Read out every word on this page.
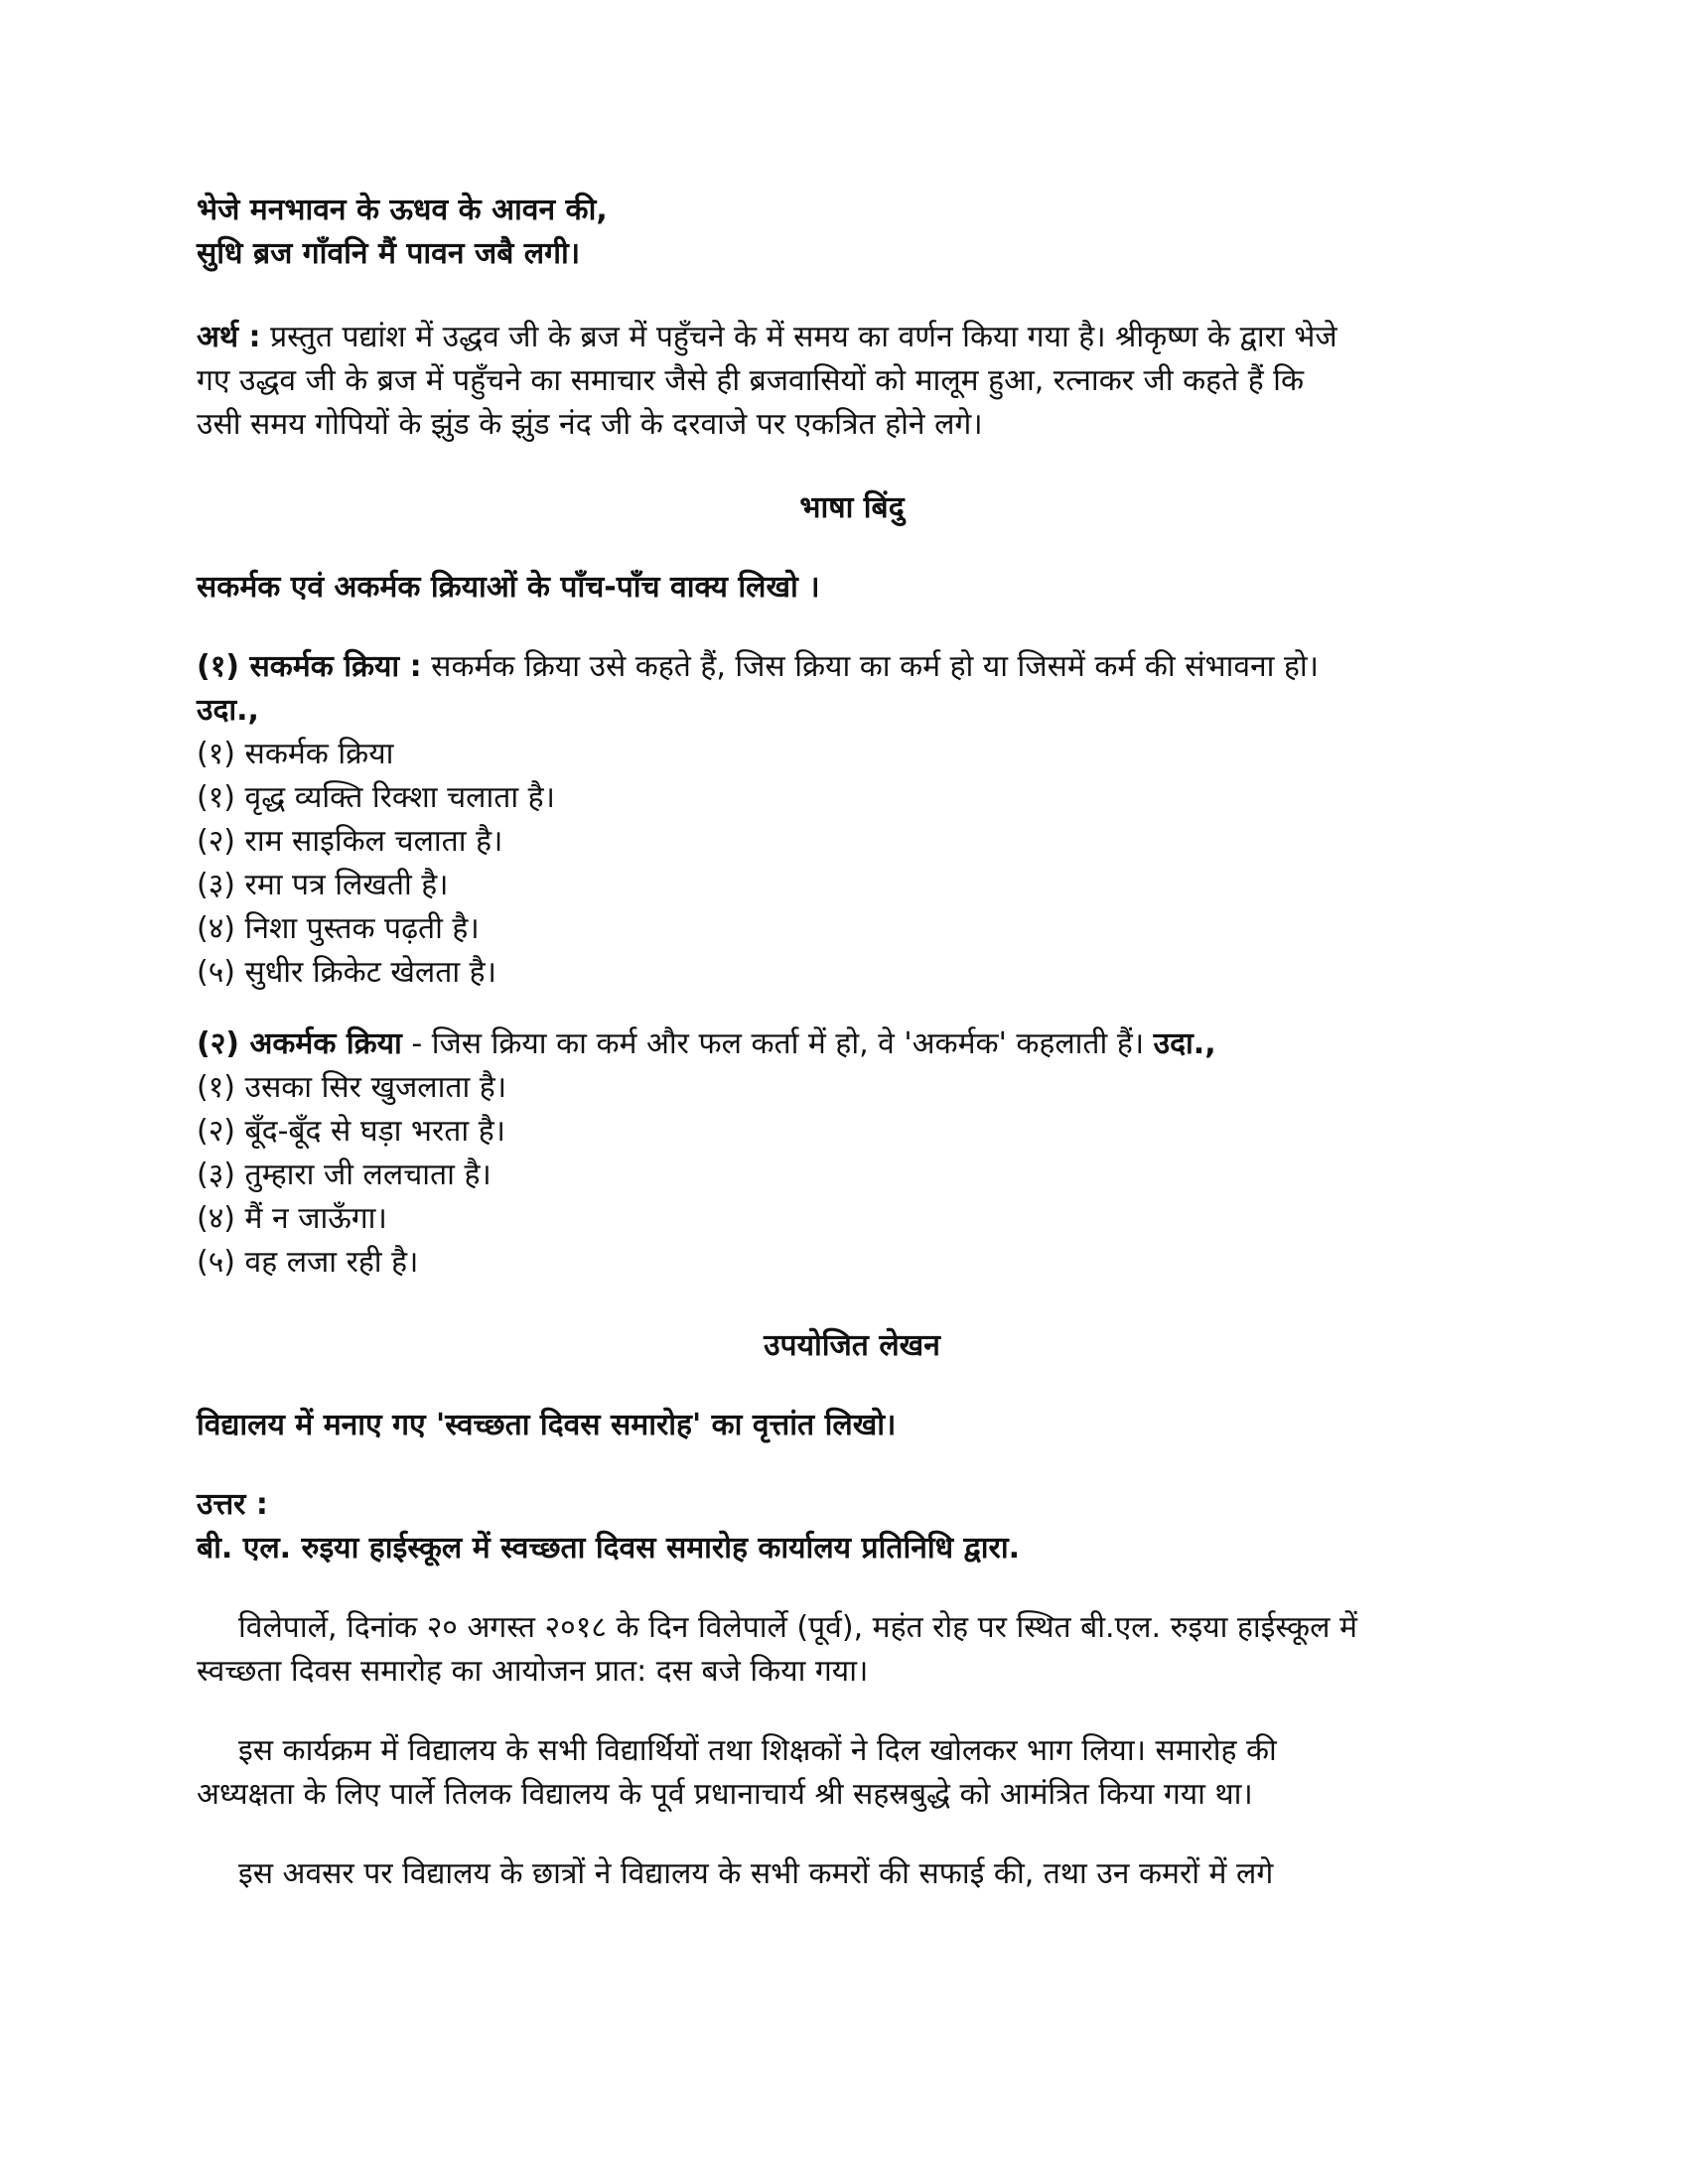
भेजे मनभावन के ऊधव के आवन की,

सुधि ब्रज गाँवनि मैं पावन जबै लगी।

अर्थ : प्रस्तुत पद्यांश में उद्धव जी के ब्रज में पहुँचने के में समय का वर्णन किया गया है। श्रीकृष्ण के द्वारा भेजे

गए उद्धव जी के ब्रज में पहुँचने का समाचार जैसे ही ब्रजवासियों को मालूम हुआ, रत्नाकर जी कहते हैं कि

उसी समय गोपियों के झुंड के झुंड नंद जी के दरवाजे पर एकत्रित होने लगे।

भाषा बिंदु

सकर्मक एवं अकर्मक क्रियाओं के पाँच-पाँच वाक्य लिखो ।

(१) सकर्मक क्रिया : सकर्मक क्रिया उसे कहते हैं, जिस क्रिया का कर्म हो या जिसमें कर्म की संभावना हो।

उदा.,

(१) सकर्मक क्रिया

(१) वृद्ध व्यक्ति रिक्शा चलाता है।

(२) राम साइकिल चलाता है।

(३) रमा पत्र लिखती है।

(४) निशा पुस्तक पढ़ती है।

(५) सुधीर क्रिकेट खेलता है।

(२) अकर्मक क्रिया - जिस क्रिया का कर्म और फल कर्ता में हो, वे 'अकर्मक' कहलाती हैं। उदा.,

(१) उसका सिर खुजलाता है।

(२) बूँद-बूँद से घड़ा भरता है।

(३) तुम्हारा जी ललचाता है।

(४) मैं न जाऊँगा।

(५) वह लजा रही है।

उपयोजित लेखन

विद्यालय में मनाए गए 'स्वच्छता दिवस समारोह' का वृत्तांत लिखो।

उत्तर :

बी. एल. रुइया हाईस्कूल में स्वच्छता दिवस समारोह कार्यालय प्रतिनिधि द्वारा.

विलेपार्ले, दिनांक २० अगस्त २०१८ के दिन विलेपार्ले (पूर्व), महंत रोह पर स्थित बी.एल. रुइया हाईस्कूल में

स्वच्छता दिवस समारोह का आयोजन प्रात: दस बजे किया गया।

इस कार्यक्रम में विद्यालय के सभी विद्यार्थियों तथा शिक्षकों ने दिल खोलकर भाग लिया। समारोह की

अध्यक्षता के लिए पार्ले तिलक विद्यालय के पूर्व प्रधानाचार्य श्री सहस्रबुद्धे को आमंत्रित किया गया था।

इस अवसर पर विद्यालय के छात्रों ने विद्यालय के सभी कमरों की सफाई की, तथा उन कमरों में लगे
